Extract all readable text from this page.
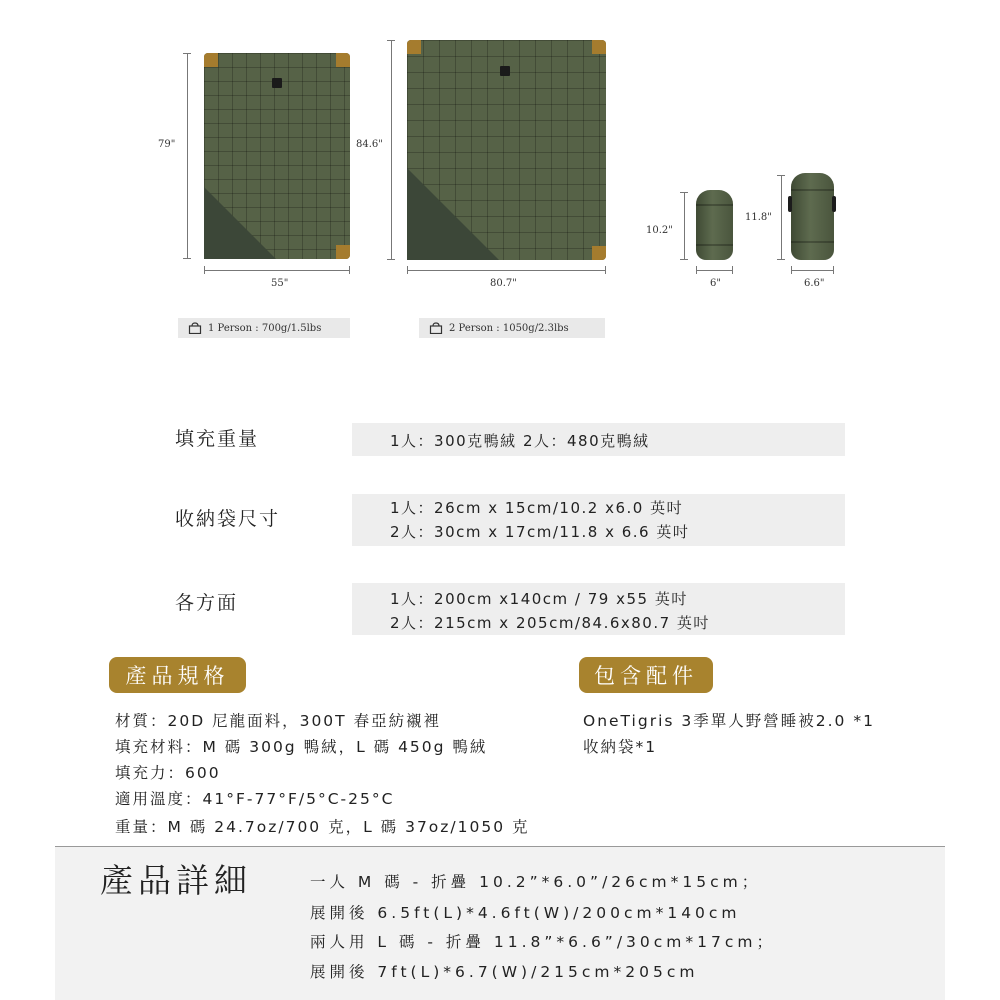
79"
55"
84.6"
80.7"
10.2"
6"
11.8"
6.6"
1 Person : 700g/1.5lbs	2 Person : 1050g/2.3lbs
填充重量	1人：300克鴨絨 2人：480克鴨絨
收納袋尺寸	1人：26cm x 15cm/10.2 x6.0 英吋
2人：30cm x 17cm/11.8 x 6.6 英吋
各方面	1人：200cm x140cm / 79 x55 英吋
2人：215cm x 205cm/84.6x80.7 英吋
產品規格	包含配件
材質：20D 尼龍面料，300T 春亞紡襯裡
填充材料：M 碼 300g 鴨絨，L 碼 450g 鴨絨
填充力：600
適用溫度：41°F-77°F/5°C-25°C
重量：M 碼 24.7oz/700 克，L 碼 37oz/1050 克
OneTigris 3季單人野營睡被2.0 *1
收納袋*1
產品詳細	一人 M 碼 - 折疊 10.2”*6.0”/26cm*15cm；
展開後 6.5ft(L)*4.6ft(W)/200cm*140cm
兩人用 L 碼 - 折疊 11.8”*6.6”/30cm*17cm；
展開後 7ft(L)*6.7(W)/215cm*205cm
